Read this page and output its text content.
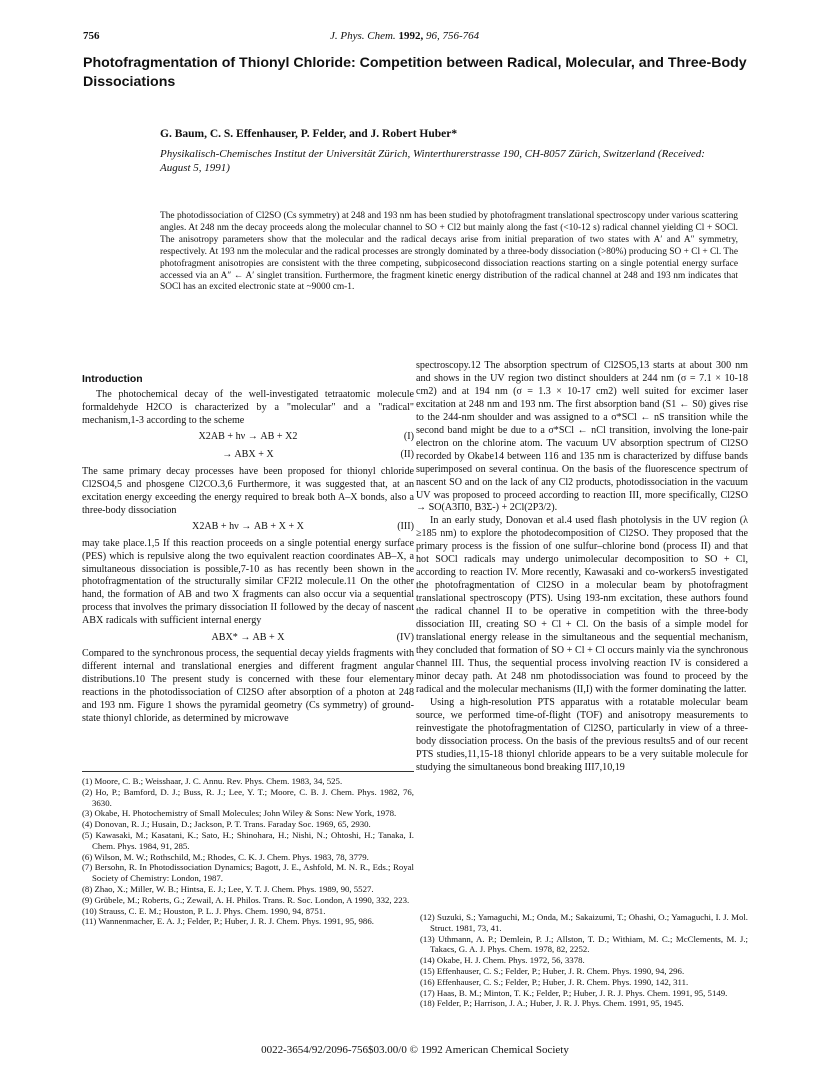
756	J. Phys. Chem. 1992, 96, 756-764
Photofragmentation of Thionyl Chloride: Competition between Radical, Molecular, and Three-Body Dissociations
G. Baum, C. S. Effenhauser, P. Felder, and J. Robert Huber*
Physikalisch-Chemisches Institut der Universität Zürich, Winterthurerstrasse 190, CH-8057 Zürich, Switzerland (Received: August 5, 1991)
The photodissociation of Cl2SO (Cs symmetry) at 248 and 193 nm has been studied by photofragment translational spectroscopy under various scattering angles. At 248 nm the decay proceeds along the molecular channel to SO + Cl2 but mainly along the fast (<10-12 s) radical channel yielding Cl + SOCl. The anisotropy parameters show that the molecular and the radical decays arise from initial preparation of two states with A′ and A″ symmetry, respectively. At 193 nm the molecular and the radical processes are strongly dominated by a three-body dissociation (>80%) producing SO + Cl + Cl. The photofragment anisotropies are consistent with the three competing, subpicosecond dissociation reactions starting on a single potential energy surface accessed via an A″ ← A′ singlet transition. Furthermore, the fragment kinetic energy distribution of the radical channel at 248 and 193 nm indicates that SOCl has an excited electronic state at ~9000 cm-1.
Introduction

The photochemical decay of the well-investigated tetraatomic molecule formaldehyde H2CO is characterized by a "molecular" and a "radical" mechanism,1-3 according to the scheme

X2AB + hν → AB + X2	(I)
→ ABX + X	(II)

The same primary decay processes have been proposed for thionyl chloride Cl2SO4,5 and phosgene Cl2CO.3,6 Furthermore, it was suggested that, at an excitation energy exceeding the energy required to break both A–X bonds, also a three-body dissociation

X2AB + hν → AB + X + X	(III)

may take place.1,5 If this reaction proceeds on a single potential energy surface (PES) which is repulsive along the two equivalent reaction coordinates AB–X, a simultaneous dissociation is possible,7-10 as has recently been shown in the photofragmentation of the structurally similar CF2I2 molecule.11 On the other hand, the formation of AB and two X fragments can also occur via a sequential process that involves the primary dissociation II followed by the decay of nascent ABX radicals with sufficient internal energy

ABX* → AB + X	(IV)

Compared to the synchronous process, the sequential decay yields fragments with different internal and translational energies and different fragment angular distributions.10 The present study is concerned with these four elementary reactions in the photodissociation of Cl2SO after absorption of a photon at 248 and 193 nm. Figure 1 shows the pyramidal geometry (Cs symmetry) of ground-state thionyl chloride, as determined by microwave

spectroscopy.12 The absorption spectrum of Cl2SO5,13 starts at about 300 nm and shows in the UV region two distinct shoulders at 244 nm (σ = 7.1 × 10-18 cm2) and at 194 nm (σ = 1.3 × 10-17 cm2) well suited for excimer laser excitation at 248 nm and 193 nm. The first absorption band (S1 ← S0) gives rise to the 244-nm shoulder and was assigned to a σ*SCl ← nS transition while the second band might be due to a σ*SCl ← nCl transition, involving the lone-pair electron on the chlorine atom. The vacuum UV absorption spectrum of Cl2SO recorded by Okabe14 between 116 and 135 nm is characterized by diffuse bands superimposed on several continua. On the basis of the fluorescence spectrum of nascent SO and on the lack of any Cl2 products, photodissociation in the vacuum UV was proposed to proceed according to reaction III, more specifically, Cl2SO → SO(A3Π0, B3Σ-) + 2Cl(2P3/2).

In an early study, Donovan et al.4 used flash photolysis in the UV region (λ ≥185 nm) to explore the photodecomposition of Cl2SO. They proposed that the primary process is the fission of one sulfur–chlorine bond (process II) and that hot SOCl radicals may undergo unimolecular decomposition to SO + Cl, according to reaction IV. More recently, Kawasaki and co-workers5 investigated the photofragmentation of Cl2SO in a molecular beam by photofragment translational spectroscopy (PTS). Using 193-nm excitation, these authors found the radical channel II to be operative in competition with the three-body dissociation III, creating SO + Cl + Cl. On the basis of a simple model for translational energy release in the simultaneous and the sequential mechanism, they concluded that formation of SO + Cl + Cl occurs mainly via the synchronous channel III. Thus, the sequential process involving reaction IV is considered a minor decay path. At 248 nm photodissociation was found to proceed by the radical and the molecular mechanisms (II,I) with the former dominating the latter.

Using a high-resolution PTS apparatus with a rotatable molecular beam source, we performed time-of-flight (TOF) and anisotropy measurements to reinvestigate the photofragmentation of Cl2SO, particularly in view of a three-body dissociation process. On the basis of the previous results5 and of our recent PTS studies,11,15-18 thionyl chloride appears to be a very suitable molecule for studying the simultaneous bond breaking III7,10,19

(1) Moore, C. B.; Weisshaar, J. C. Annu. Rev. Phys. Chem. 1983, 34, 525.
(2) Ho, P.; Bamford, D. J.; Buss, R. J.; Lee, Y. T.; Moore, C. B. J. Chem. Phys. 1982, 76, 3630.
(3) Okabe, H. Photochemistry of Small Molecules; John Wiley & Sons: New York, 1978.
(4) Donovan, R. J.; Husain, D.; Jackson, P. T. Trans. Faraday Soc. 1969, 65, 2930.
(5) Kawasaki, M.; Kasatani, K.; Sato, H.; Shinohara, H.; Nishi, N.; Ohtoshi, H.; Tanaka, I. Chem. Phys. 1984, 91, 285.
(6) Wilson, M. W.; Rothschild, M.; Rhodes, C. K. J. Chem. Phys. 1983, 78, 3779.
(7) Bersohn, R. In Photodissociation Dynamics; Bagott, J. E., Ashfold, M. N. R., Eds.; Royal Society of Chemistry: London, 1987.
(8) Zhao, X.; Miller, W. B.; Hintsa, E. J.; Lee, Y. T. J. Chem. Phys. 1989, 90, 5527.
(9) Grübele, M.; Roberts, G.; Zewail, A. H. Philos. Trans. R. Soc. London, A 1990, 332, 223.
(10) Strauss, C. E. M.; Houston, P. L. J. Phys. Chem. 1990, 94, 8751.
(11) Wannenmacher, E. A. J.; Felder, P.; Huber, J. R. J. Chem. Phys. 1991, 95, 986.	(12) Suzuki, S.; Yamaguchi, M.; Onda, M.; Sakaizumi, T.; Ohashi, O.; Yamaguchi, I. J. Mol. Struct. 1981, 73, 41.
(13) Uthmann, A. P.; Demlein, P. J.; Allston, T. D.; Withiam, M. C.; McClements, M. J.; Takacs, G. A. J. Phys. Chem. 1978, 82, 2252.
(14) Okabe, H. J. Chem. Phys. 1972, 56, 3378.
(15) Effenhauser, C. S.; Felder, P.; Huber, J. R. Chem. Phys. 1990, 94, 296.
(16) Effenhauser, C. S.; Felder, P.; Huber, J. R. Chem. Phys. 1990, 142, 311.
(17) Haas, B. M.; Minton, T. K.; Felder, P.; Huber, J. R. J. Phys. Chem. 1991, 95, 5149.
(18) Felder, P.; Harrison, J. A.; Huber, J. R. J. Phys. Chem. 1991, 95, 1945.
0022-3654/92/2096-756$03.00/0 © 1992 American Chemical Society
